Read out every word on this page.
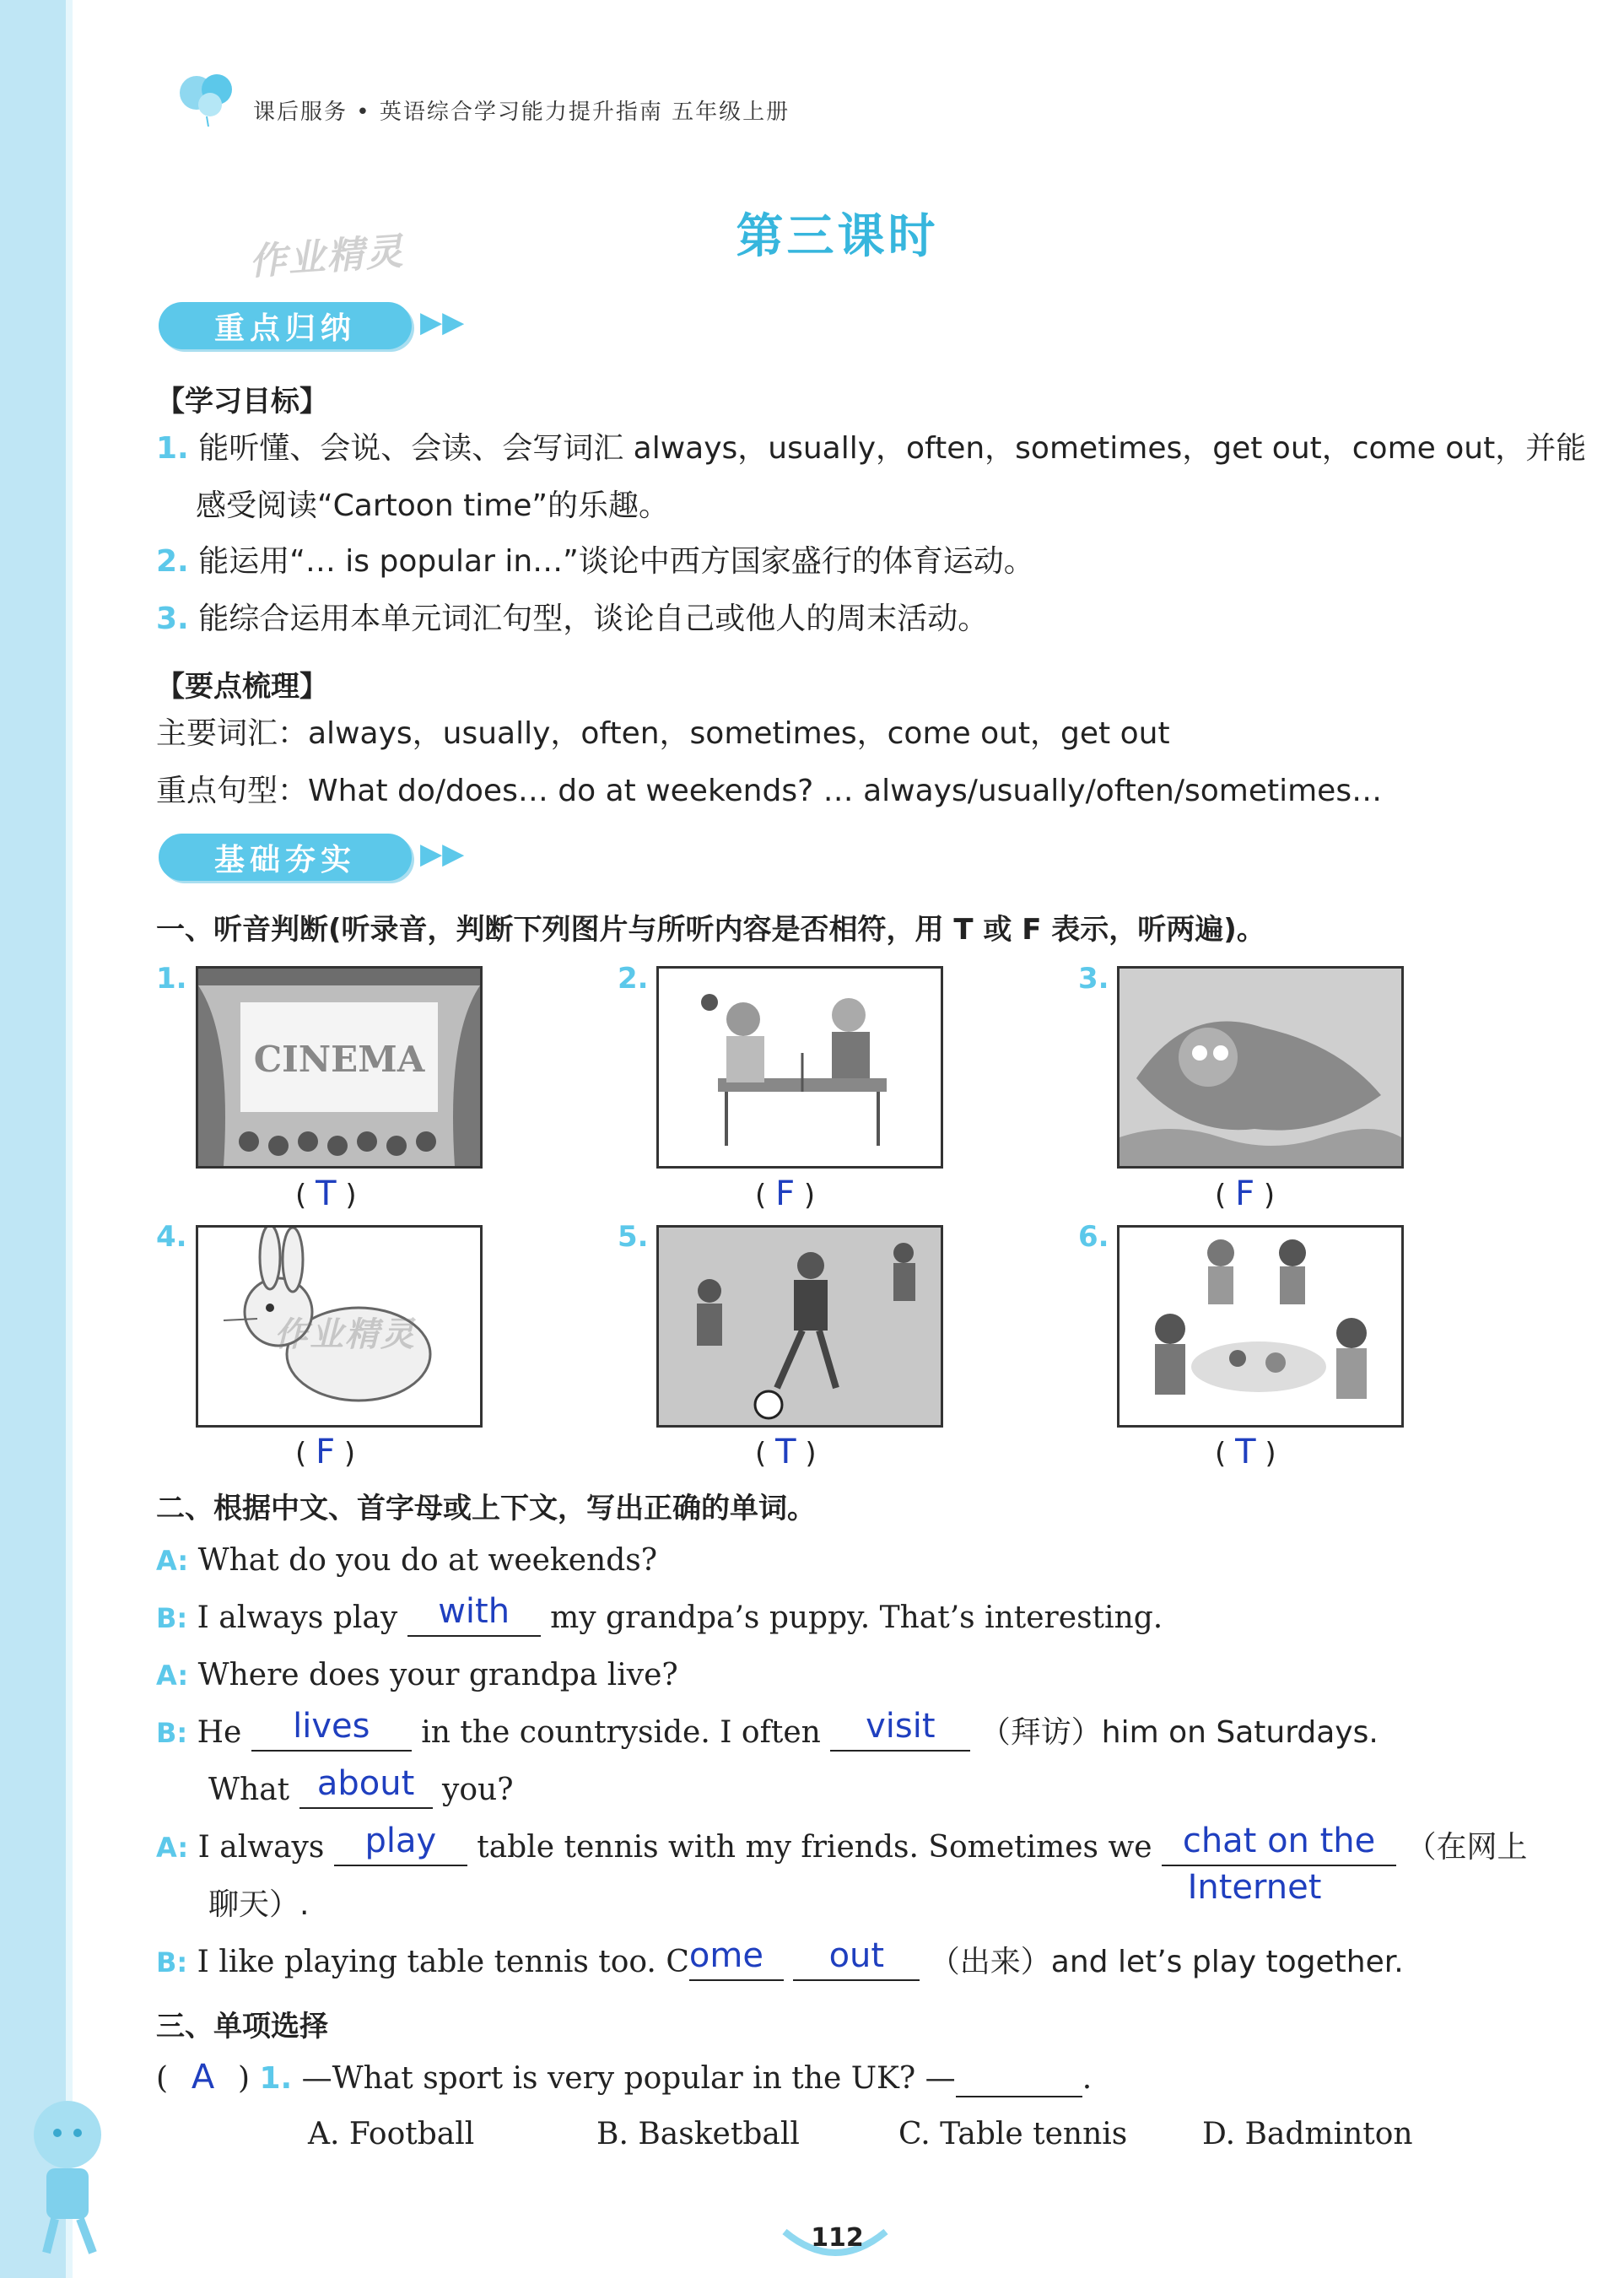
课后服务 • 英语综合学习能力提升指南 五年级上册
第三课时
作业精灵
重点归纳	▶▶
【学习目标】
1. 能听懂、会说、会读、会写词汇 always，usually，often，sometimes，get out，come out，并能
感受阅读“Cartoon time”的乐趣。
2. 能运用“… is popular in…”谈论中西方国家盛行的体育运动。
3. 能综合运用本单元词汇句型，谈论自己或他人的周末活动。
【要点梳理】
主要词汇：always，usually，often，sometimes，come out，get out
重点句型：What do/does… do at weekends? … always/usually/often/sometimes…
基础夯实	▶▶
一、听音判断(听录音，判断下列图片与所听内容是否相符，用 T 或 F 表示，听两遍)。
1.
CINEMA
( T )
2.
( F )
3.
( F )
4.
作业精灵
( F )
5.
( T )
6.
( T )
二、根据中文、首字母或上下文，写出正确的单词。
A: What do you do at weekends?
B: I always play with my grandpa’s puppy. That’s interesting.
A: Where does your grandpa live?
B: He lives in the countryside. I often visit （拜访）him on Saturdays.
What about you?
A: I always play table tennis with my friends. Sometimes we chat on the （在网上
聊天）.	Internet
B: I like playing table tennis too. Come out （出来）and let’s play together.
三、单项选择
( A ) 1. —What sport is very popular in the UK? —	.
A. Football	B. Basketball	C. Table tennis D. Badminton
112
